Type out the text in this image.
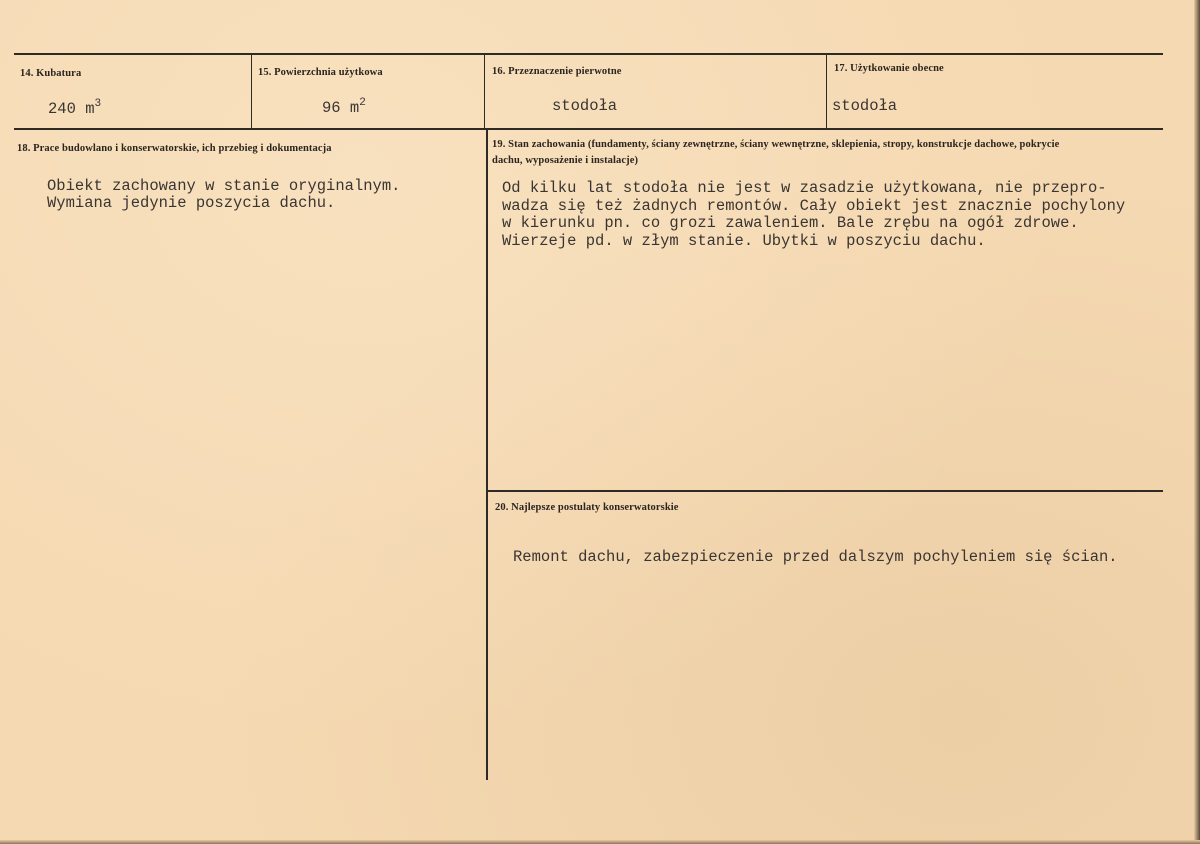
14. Kubatura
240 $m^3$
15. Powierzchnia użytkowa
96 $m^2$
16. Przeznaczenie pierwotne
stodoła
17. Użytkowanie obecne
stodoła
18. Prace budowlano i konserwatorskie, ich przebieg i dokumentacja
Obiekt zachowany w stanie oryginalnym.
Wymiana jedynie poszycia dachu.
19. Stan zachowania (fundamenty, ściany zewnętrzne, ściany wewnętrzne, sklepienia, stropy, konstrukcje dachowe, pokrycie dachu, wyposażenie i instalacje)
Od kilku lat stodoła nie jest w zasadzie użytkowana, nie przepro-
wadza się też żadnych remontów. Cały obiekt jest znacznie pochylony
w kierunku pn. co grozi zawaleniem. Bale zrębu na ogół zdrowe.
Wierzeje pd. w złym stanie. Ubytki w poszyciu dachu.
20. Najlepsze postulaty konserwatorskie
Remont dachu, zabezpieczenie przed dalszym pochyleniem się ścian.
